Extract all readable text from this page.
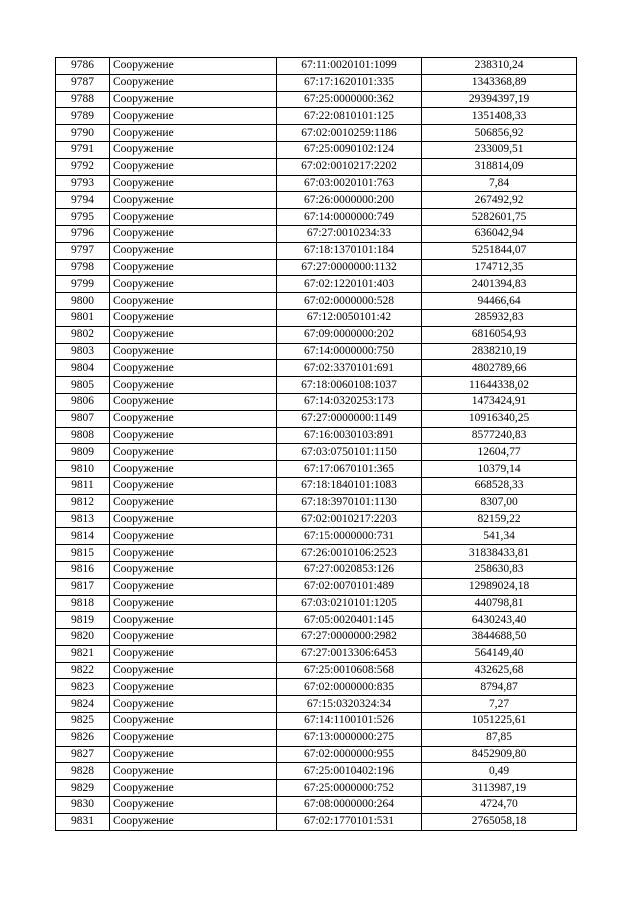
9786	Сооружение	67:11:0020101:1099	238310,24
9787	Сооружение	67:17:1620101:335	1343368,89
9788	Сооружение	67:25:0000000:362	29394397,19
9789	Сооружение	67:22:0810101:125	1351408,33
9790	Сооружение	67:02:0010259:1186	506856,92
9791	Сооружение	67:25:0090102:124	233009,51
9792	Сооружение	67:02:0010217:2202	318814,09
9793	Сооружение	67:03:0020101:763	7,84
9794	Сооружение	67:26:0000000:200	267492,92
9795	Сооружение	67:14:0000000:749	5282601,75
9796	Сооружение	67:27:0010234:33	636042,94
9797	Сооружение	67:18:1370101:184	5251844,07
9798	Сооружение	67:27:0000000:1132	174712,35
9799	Сооружение	67:02:1220101:403	2401394,83
9800	Сооружение	67:02:0000000:528	94466,64
9801	Сооружение	67:12:0050101:42	285932,83
9802	Сооружение	67:09:0000000:202	6816054,93
9803	Сооружение	67:14:0000000:750	2838210,19
9804	Сооружение	67:02:3370101:691	4802789,66
9805	Сооружение	67:18:0060108:1037	11644338,02
9806	Сооружение	67:14:0320253:173	1473424,91
9807	Сооружение	67:27:0000000:1149	10916340,25
9808	Сооружение	67:16:0030103:891	8577240,83
9809	Сооружение	67:03:0750101:1150	12604,77
9810	Сооружение	67:17:0670101:365	10379,14
9811	Сооружение	67:18:1840101:1083	668528,33
9812	Сооружение	67:18:3970101:1130	8307,00
9813	Сооружение	67:02:0010217:2203	82159,22
9814	Сооружение	67:15:0000000:731	541,34
9815	Сооружение	67:26:0010106:2523	31838433,81
9816	Сооружение	67:27:0020853:126	258630,83
9817	Сооружение	67:02:0070101:489	12989024,18
9818	Сооружение	67:03:0210101:1205	440798,81
9819	Сооружение	67:05:0020401:145	6430243,40
9820	Сооружение	67:27:0000000:2982	3844688,50
9821	Сооружение	67:27:0013306:6453	564149,40
9822	Сооружение	67:25:0010608:568	432625,68
9823	Сооружение	67:02:0000000:835	8794,87
9824	Сооружение	67:15:0320324:34	7,27
9825	Сооружение	67:14:1100101:526	1051225,61
9826	Сооружение	67:13:0000000:275	87,85
9827	Сооружение	67:02:0000000:955	8452909,80
9828	Сооружение	67:25:0010402:196	0,49
9829	Сооружение	67:25:0000000:752	3113987,19
9830	Сооружение	67:08:0000000:264	4724,70
9831	Сооружение	67:02:1770101:531	2765058,18
